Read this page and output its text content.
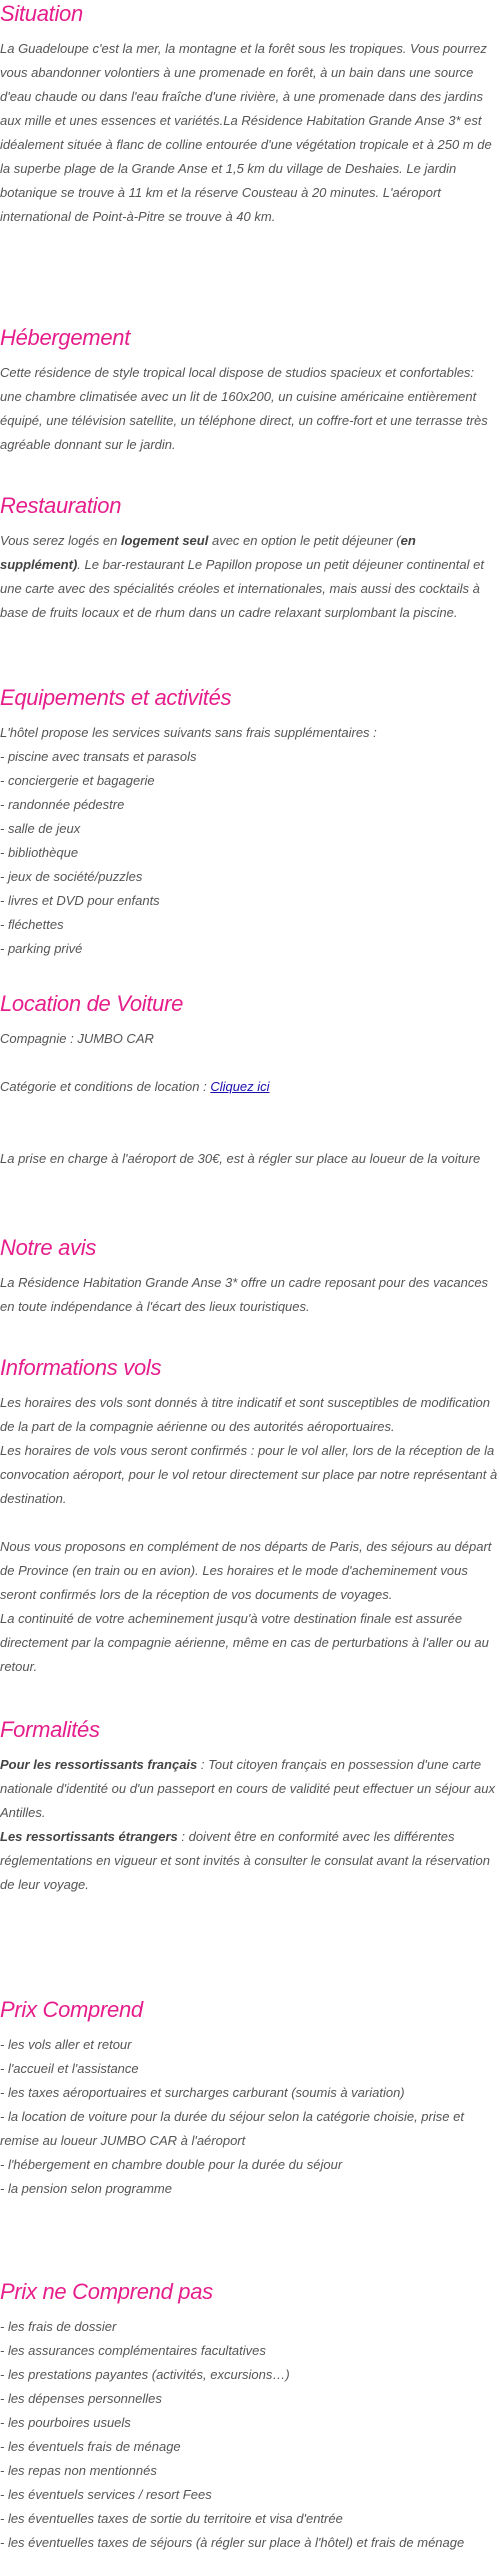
Situation

La Guadeloupe c'est la mer, la montagne et la forêt sous les tropiques. Vous pourrez vous abandonner volontiers à une promenade en forêt, à un bain dans une source d'eau chaude ou dans l'eau fraîche d'une rivière, à une promenade dans des jardins aux mille et unes essences et variétés.La Résidence Habitation Grande Anse 3* est idéalement située à flanc de colline entourée d'une végétation tropicale et à 250 m de la superbe plage de la Grande Anse et 1,5 km du village de Deshaies. Le jardin botanique se trouve à 11 km et la réserve Cousteau à 20 minutes. L'aéroport international de Point-à-Pitre se trouve à 40 km.

Hébergement

Cette résidence de style tropical local dispose de studios spacieux et confortables: une chambre climatisée avec un lit de 160x200, un cuisine américaine entièrement équipé, une télévision satellite, un téléphone direct, un coffre-fort et une terrasse très agréable donnant sur le jardin.

Restauration

Vous serez logés en logement seul avec en option le petit déjeuner (en supplément). Le bar-restaurant Le Papillon propose un petit déjeuner continental et une carte avec des spécialités créoles et internationales, mais aussi des cocktails à base de fruits locaux et de rhum dans un cadre relaxant surplombant la piscine.

Equipements et activités
L'hôtel propose les services suivants sans frais supplémentaires :
- piscine avec transats et parasols
- conciergerie et bagagerie
- randonnée pédestre
- salle de jeux
- bibliothèque
- jeux de société/puzzles
- livres et DVD pour enfants
- fléchettes
- parking privé
Location de Voiture
Compagnie : JUMBO CAR
Catégorie et conditions de location : Cliquez ici

La prise en charge à l'aéroport de 30€, est à régler sur place au loueur de la voiture

Notre avis

La Résidence Habitation Grande Anse 3* offre un cadre reposant pour des vacances en toute indépendance à l'écart des lieux touristiques.

Informations vols

Les horaires des vols sont donnés à titre indicatif et sont susceptibles de modification de la part de la compagnie aérienne ou des autorités aéroportuaires.

Les horaires de vols vous seront confirmés : pour le vol aller, lors de la réception de la convocation aéroport, pour le vol retour directement sur place par notre représentant à destination.

Nous vous proposons en complément de nos départs de Paris, des séjours au départ de Province (en train ou en avion). Les horaires et le mode d'acheminement vous seront confirmés lors de la réception de vos documents de voyages.

La continuité de votre acheminement jusqu'à votre destination finale est assurée directement par la compagnie aérienne, même en cas de perturbations à l'aller ou au retour.

Formalités

Pour les ressortissants français : Tout citoyen français en possession d'une carte nationale d'identité ou d'un passeport en cours de validité peut effectuer un séjour aux Antilles.

Les ressortissants étrangers : doivent être en conformité avec les différentes réglementations en vigueur et sont invités à consulter le consulat avant la réservation de leur voyage.

Prix Comprend
- les vols aller et retour
- l'accueil et l'assistance
- les taxes aéroportuaires et surcharges carburant (soumis à variation)
- la location de voiture pour la durée du séjour selon la catégorie choisie, prise et remise au loueur JUMBO CAR à l'aéroport
- l'hébergement en chambre double pour la durée du séjour
- la pension selon programme
Prix ne Comprend pas
- les frais de dossier
- les assurances complémentaires facultatives
- les prestations payantes (activités, excursions…)
- les dépenses personnelles
- les pourboires usuels
- les éventuels frais de ménage
- les repas non mentionnés
- les éventuels services / resort Fees
- les éventuelles taxes de sortie du territoire et visa d'entrée
- les éventuelles taxes de séjours (à régler sur place à l'hôtel) et frais de ménage
